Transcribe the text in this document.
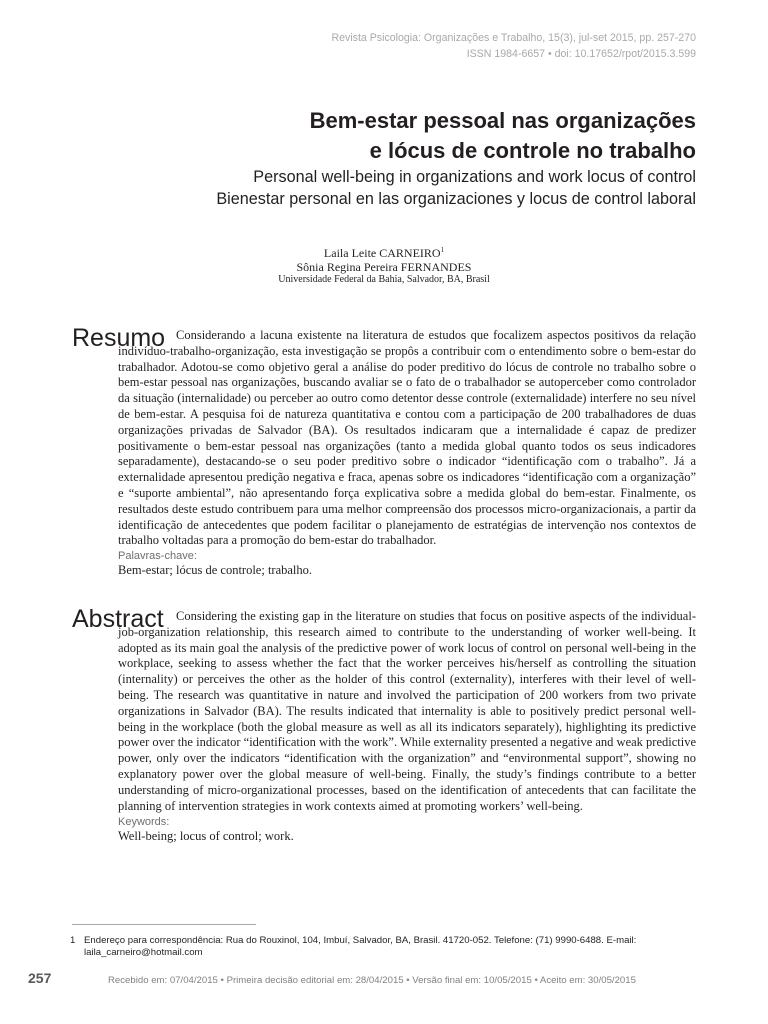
Revista Psicologia: Organizações e Trabalho, 15(3), jul-set 2015, pp. 257-270
ISSN 1984-6657 • doi: 10.17652/rpot/2015.3.599
Bem-estar pessoal nas organizações
e lócus de controle no trabalho
Personal well-being in organizations and work locus of control
Bienestar personal en las organizaciones y locus de control laboral
Laila Leite CARNEIRO$^1$
Sônia Regina Pereira FERNANDES
Universidade Federal da Bahia, Salvador, BA, Brasil
Resumo Considerando a lacuna existente na literatura de estudos que focalizem aspectos positivos da relação indivíduo-trabalho-organização, esta investigação se propôs a contribuir com o entendimento sobre o bem-estar do trabalhador. Adotou-se como objetivo geral a análise do poder preditivo do lócus de controle no trabalho sobre o bem-estar pessoal nas organizações, buscando avaliar se o fato de o trabalhador se autoperceber como controlador da situação (internalidade) ou perceber ao outro como detentor desse controle (externalidade) interfere no seu nível de bem-estar. A pesquisa foi de natureza quantitativa e contou com a participação de 200 trabalhadores de duas organizações privadas de Salvador (BA). Os resultados indicaram que a internalidade é capaz de predizer positivamente o bem-estar pessoal nas organizações (tanto a medida global quanto todos os seus indicadores separadamente), destacando-se o seu poder preditivo sobre o indicador “identificação com o trabalho”. Já a externalidade apresentou predição negativa e fraca, apenas sobre os indicadores “identificação com a organização” e “suporte ambiental”, não apresentando força explicativa sobre a medida global do bem-estar. Finalmente, os resultados deste estudo contribuem para uma melhor compreensão dos processos micro-organizacionais, a partir da identificação de antecedentes que podem facilitar o planejamento de estratégias de intervenção nos contextos de trabalho voltadas para a promoção do bem-estar do trabalhador.
Palavras-chave:
Bem-estar; lócus de controle; trabalho.
Abstract Considering the existing gap in the literature on studies that focus on positive aspects of the individual-job-organization relationship, this research aimed to contribute to the understanding of worker well-being. It adopted as its main goal the analysis of the predictive power of work locus of control on personal well-being in the workplace, seeking to assess whether the fact that the worker perceives his/herself as controlling the situation (internality) or perceives the other as the holder of this control (externality), interferes with their level of well-being. The research was quantitative in nature and involved the participation of 200 workers from two private organizations in Salvador (BA). The results indicated that internality is able to positively predict personal well-being in the workplace (both the global measure as well as all its indicators separately), highlighting its predictive power over the indicator “identification with the work”. While externality presented a negative and weak predictive power, only over the indicators “identification with the organization” and “environmental support”, showing no explanatory power over the global measure of well-being. Finally, the study’s findings contribute to a better understanding of micro-organizational processes, based on the identification of antecedents that can facilitate the planning of intervention strategies in work contexts aimed at promoting workers’ well-being.
Keywords:
Well-being; locus of control; work.
1 Endereço para correspondência: Rua do Rouxinol, 104, Imbuí, Salvador, BA, Brasil. 41720-052. Telefone: (71) 9990-6488. E-mail: laila_carneiro@hotmail.com
257	Recebido em: 07/04/2015 • Primeira decisão editorial em: 28/04/2015 • Versão final em: 10/05/2015 • Aceito em: 30/05/2015
